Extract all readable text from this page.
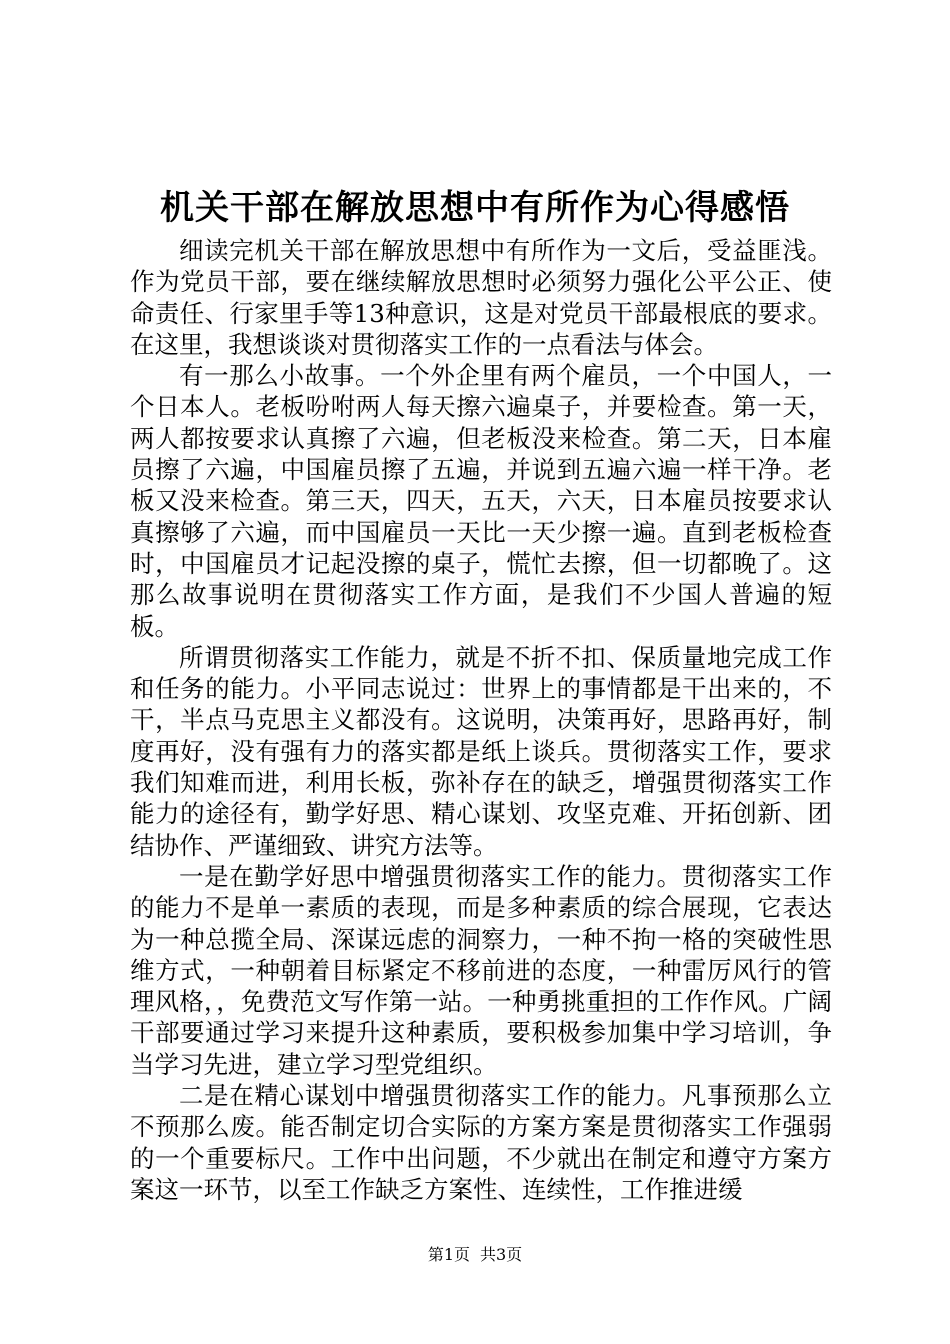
机关干部在解放思想中有所作为心得感悟

细读完机关干部在解放思想中有所作为一文后，受益匪浅。作为党员干部，要在继续解放思想时必须努力强化公平公正、使命责任、行家里手等13种意识，这是对党员干部最根底的要求。在这里，我想谈谈对贯彻落实工作的一点看法与体会。

有一那么小故事。一个外企里有两个雇员，一个中国人，一个日本人。老板吩咐两人每天擦六遍桌子，并要检查。第一天，两人都按要求认真擦了六遍，但老板没来检查。第二天，日本雇员擦了六遍，中国雇员擦了五遍，并说到五遍六遍一样干净。老板又没来检查。第三天，四天，五天，六天，日本雇员按要求认真擦够了六遍，而中国雇员一天比一天少擦一遍。直到老板检查时，中国雇员才记起没擦的桌子，慌忙去擦，但一切都晚了。这那么故事说明在贯彻落实工作方面，是我们不少国人普遍的短板。

所谓贯彻落实工作能力，就是不折不扣、保质量地完成工作和任务的能力。小平同志说过：世界上的事情都是干出来的，不干，半点马克思主义都没有。这说明，决策再好，思路再好，制度再好，没有强有力的落实都是纸上谈兵。贯彻落实工作，要求我们知难而进，利用长板，弥补存在的缺乏，增强贯彻落实工作能力的途径有，勤学好思、精心谋划、攻坚克难、开拓创新、团结协作、严谨细致、讲究方法等。

一是在勤学好思中增强贯彻落实工作的能力。贯彻落实工作的能力不是单一素质的表现，而是多种素质的综合展现，它表达为一种总揽全局、深谋远虑的洞察力，一种不拘一格的突破性思维方式，一种朝着目标紧定不移前进的态度，一种雷厉风行的管理风格，，免费范文写作第一站。一种勇挑重担的工作作风。广阔干部要通过学习来提升这种素质，要积极参加集中学习培训，争当学习先进，建立学习型党组织。

二是在精心谋划中增强贯彻落实工作的能力。凡事预那么立不预那么废。能否制定切合实际的方案方案是贯彻落实工作强弱的一个重要标尺。工作中出问题，不少就出在制定和遵守方案方案这一环节，以至工作缺乏方案性、连续性，工作推进缓

第1页 共3页
